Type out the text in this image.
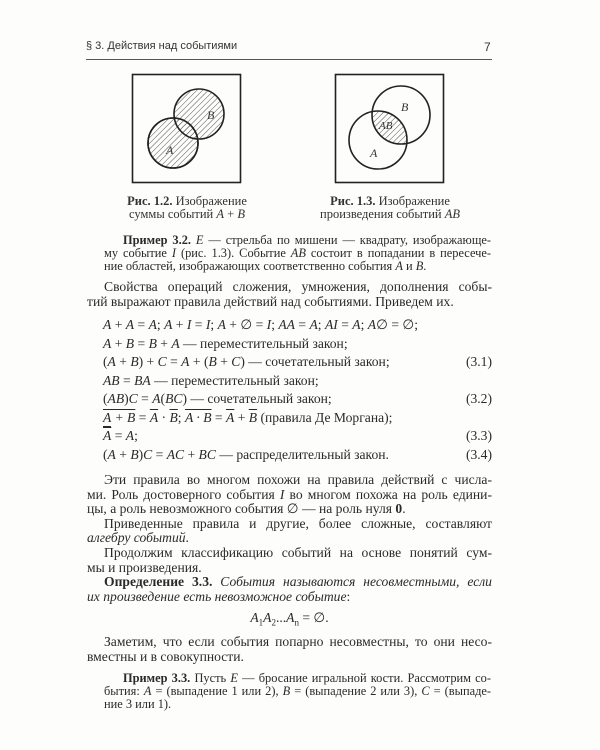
§ 3. Действия над событиями	7
A
B
A
B
AB
Рис. 1.2. Изображение
суммы событий A + B
Рис. 1.3. Изображение
произведения событий AB
Пример 3.2. E — стрельба по мишени — квадрату, изображающе-
му событие I (рис. 1.3). Событие AB состоит в попадании в пересече-
ние областей, изображающих соответственно события A и B.
Свойства операций сложения, умножения, дополнения собы-
тий выражают правила действий над событиями. Приведем их.
A + A = A; A + I = I; A + ∅ = I; AA = A; AI = A; A∅ = ∅;
A + B = B + A — переместительный закон;
(A + B) + C = A + (B + C) — сочетательный закон;	(3.1)
AB = BA — переместительный закон;
(AB)C = A(BC) — сочетательный закон;	(3.2)
$A + B = \overline{A} \cdot \overline{B}$; $A \cdot B = \overline{A} + \overline{B}$ (правила Де Моргана);
$\overline{A} = A$;	(3.3)
(A + B)C = AC + BC — распределительный закон.	(3.4)
Эти правила во многом похожи на правила действий с числа-
ми. Роль достоверного события I во многом похожа на роль едини-
цы, а роль невозможного события ∅ — на роль нуля 0.
Приведенные правила и другие, более сложные, составляют
алгебру событий.
Продолжим классификацию событий на основе понятий сум-
мы и произведения.
Определение 3.3. События называются несовместными, если
их произведение есть невозможное событие:
$A_1A_2...A_n$ = ∅.
Заметим, что если события попарно несовместны, то они несо-
вместны и в совокупности.
Пример 3.3. Пусть E — бросание игральной кости. Рассмотрим со-
бытия: A = (выпадение 1 или 2), B = (выпадение 2 или 3), C = (выпаде-
ние 3 или 1).
